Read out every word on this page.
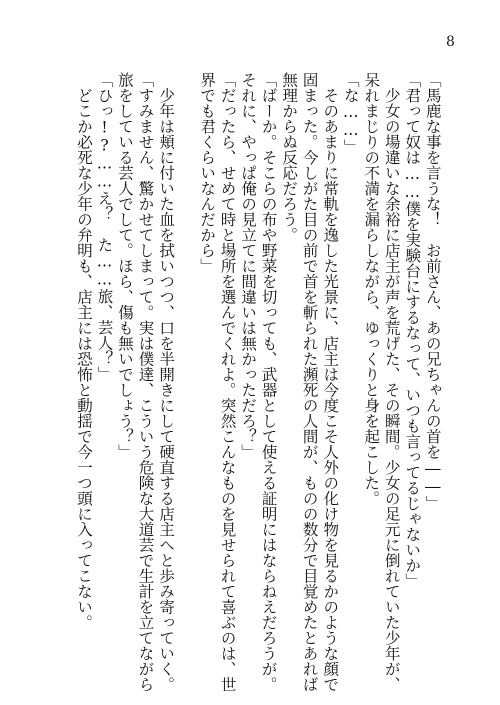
8
「馬鹿な事を言うな！　お前さん、あの兄ちゃんの首を――」
「君って奴は……僕を実験台にするなって、いつも言ってるじゃないか」
　少女の場違いな余裕に店主が声を荒げた、その瞬間。少女の足元に倒れていた少年が、
呆れまじりの不満を漏らしながら、ゆっくりと身を起こした。
「な……」
　そのあまりに常軌を逸した光景に、店主は今度こそ人外の化け物を見るかのような顔で
固まった。今しがた目の前で首を斬られた瀕死の人間が、ものの数分で目覚めたとあれば
無理からぬ反応だろう。
「ばーか。そこらの布や野菜を切っても、武器として使える証明にはならねえだろうが。
それに、やっぱ俺の見立てに間違いは無かっただろ？」
「だったら、せめて時と場所を選んでくれよ。突然こんなものを見せられて喜ぶのは、世
界でも君くらいなんだから」
　少年は頬に付いた血を拭いつつ、口を半開きにして硬直する店主へと歩み寄っていく。
「すみません、驚かせてしまって。実は僕達、こういう危険な大道芸で生計を立てながら
旅をしている芸人でして。ほら、傷も無いでしょう？」
「ひっ!?……え？　た……旅、芸人？」
　どこか必死な少年の弁明も、店主には恐怖と動揺で今一つ頭に入ってこない。
